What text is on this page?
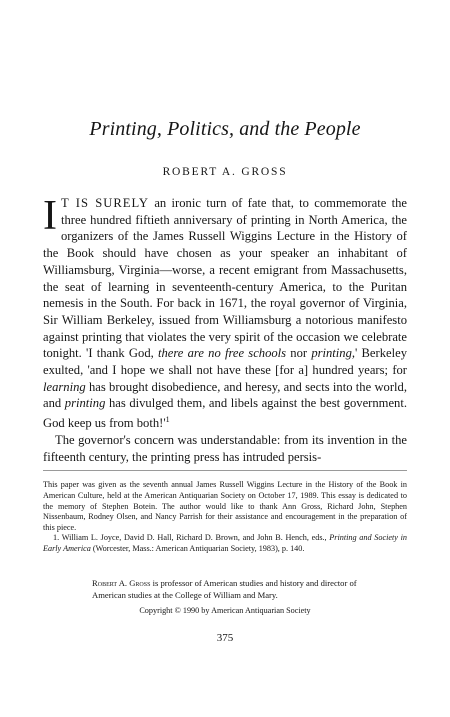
Printing, Politics, and the People
ROBERT A. GROSS

I T IS SURELY an ironic turn of fate that, to commemorate the three hundred fiftieth anniversary of printing in North America, the organizers of the James Russell Wiggins Lecture in the History of the Book should have chosen as your speaker an inhabitant of Williamsburg, Virginia—worse, a recent emigrant from Massachusetts, the seat of learning in seventeenth-century America, to the Puritan nemesis in the South. For back in 1671, the royal governor of Virginia, Sir William Berkeley, issued from Williamsburg a notorious manifesto against printing that violates the very spirit of the occasion we celebrate tonight. 'I thank God, there are no free schools nor printing,' Berkeley exulted, 'and I hope we shall not have these [for a] hundred years; for learning has brought disobedience, and heresy, and sects into the world, and printing has divulged them, and libels against the best government. God keep us from $both!'^1$

The governor's concern was understandable: from its invention in the fifteenth century, the printing press has intruded persis-

This paper was given as the seventh annual James Russell Wiggins Lecture in the History of the Book in American Culture, held at the American Antiquarian Society on October 17, 1989. This essay is dedicated to the memory of Stephen Botein. The author would like to thank Ann Gross, Richard John, Stephen Nissenbaum, Rodney Olsen, and Nancy Parrish for their assistance and encouragement in the preparation of this piece.
1. William L. Joyce, David D. Hall, Richard D. Brown, and John B. Hench, eds., Printing and Society in Early America (Worcester, Mass.: American Antiquarian Society, 1983), p. 140.
Robert A. Gross is professor of American studies and history and director of American studies at the College of William and Mary.
Copyright © 1990 by American Antiquarian Society
375
